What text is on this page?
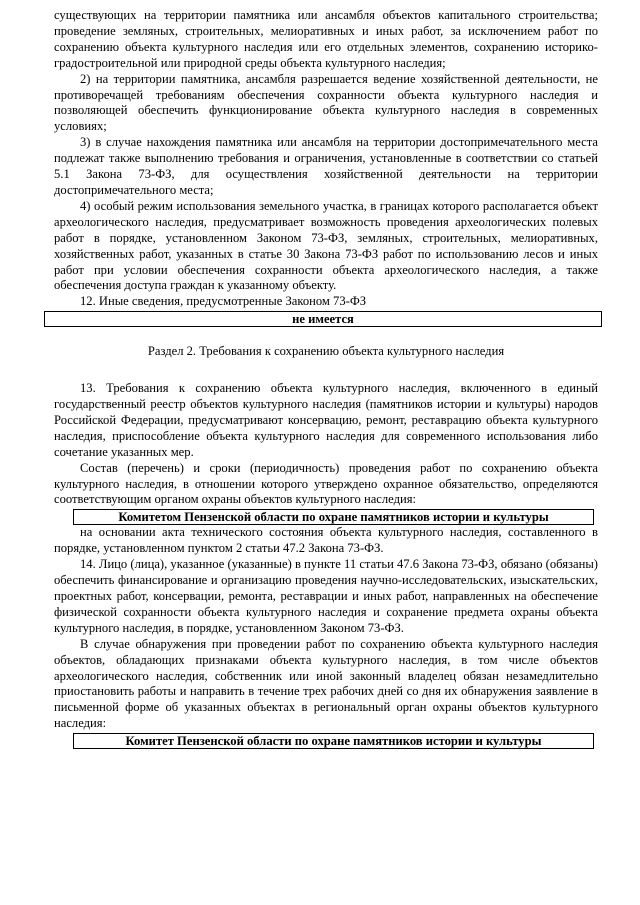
существующих на территории памятника или ансамбля объектов капитального строительства; проведение земляных, строительных, мелиоративных и иных работ, за исключением работ по сохранению объекта культурного наследия или его отдельных элементов, сохранению историко-градостроительной или природной среды объекта культурного наследия;

2) на территории памятника, ансамбля разрешается ведение хозяйственной деятельности, не противоречащей требованиям обеспечения сохранности объекта культурного наследия и позволяющей обеспечить функционирование объекта культурного наследия в современных условиях;

3) в случае нахождения памятника или ансамбля на территории достопримечательного места подлежат также выполнению требования и ограничения, установленные в соответствии со статьей 5.1 Закона 73-ФЗ, для осуществления хозяйственной деятельности на территории достопримечательного места;

4) особый режим использования земельного участка, в границах которого располагается объект археологического наследия, предусматривает возможность проведения археологических полевых работ в порядке, установленном Законом 73-ФЗ, земляных, строительных, мелиоративных, хозяйственных работ, указанных в статье 30 Закона 73-ФЗ работ по использованию лесов и иных работ при условии обеспечения сохранности объекта археологического наследия, а также обеспечения доступа граждан к указанному объекту.

12. Иные сведения, предусмотренные Законом 73-ФЗ

не имеется
Раздел 2. Требования к сохранению объекта культурного наследия

13. Требования к сохранению объекта культурного наследия, включенного в единый государственный реестр объектов культурного наследия (памятников истории и культуры) народов Российской Федерации, предусматривают консервацию, ремонт, реставрацию объекта культурного наследия, приспособление объекта культурного наследия для современного использования либо сочетание указанных мер.

Состав (перечень) и сроки (периодичность) проведения работ по сохранению объекта культурного наследия, в отношении которого утверждено охранное обязательство, определяются соответствующим органом охраны объектов культурного наследия:

Комитетом Пензенской области по охране памятников истории и культуры

на основании акта технического состояния объекта культурного наследия, составленного в порядке, установленном пунктом 2 статьи 47.2 Закона 73-ФЗ.

14. Лицо (лица), указанное (указанные) в пункте 11 статьи 47.6 Закона 73-ФЗ, обязано (обязаны) обеспечить финансирование и организацию проведения научно-исследовательских, изыскательских, проектных работ, консервации, ремонта, реставрации и иных работ, направленных на обеспечение физической сохранности объекта культурного наследия и сохранение предмета охраны объекта культурного наследия, в порядке, установленном Законом 73-ФЗ.

В случае обнаружения при проведении работ по сохранению объекта культурного наследия объектов, обладающих признаками объекта культурного наследия, в том числе объектов археологического наследия, собственник или иной законный владелец обязан незамедлительно приостановить работы и направить в течение трех рабочих дней со дня их обнаружения заявление в письменной форме об указанных объектах в региональный орган охраны объектов культурного наследия:

Комитет Пензенской области по охране памятников истории и культуры
